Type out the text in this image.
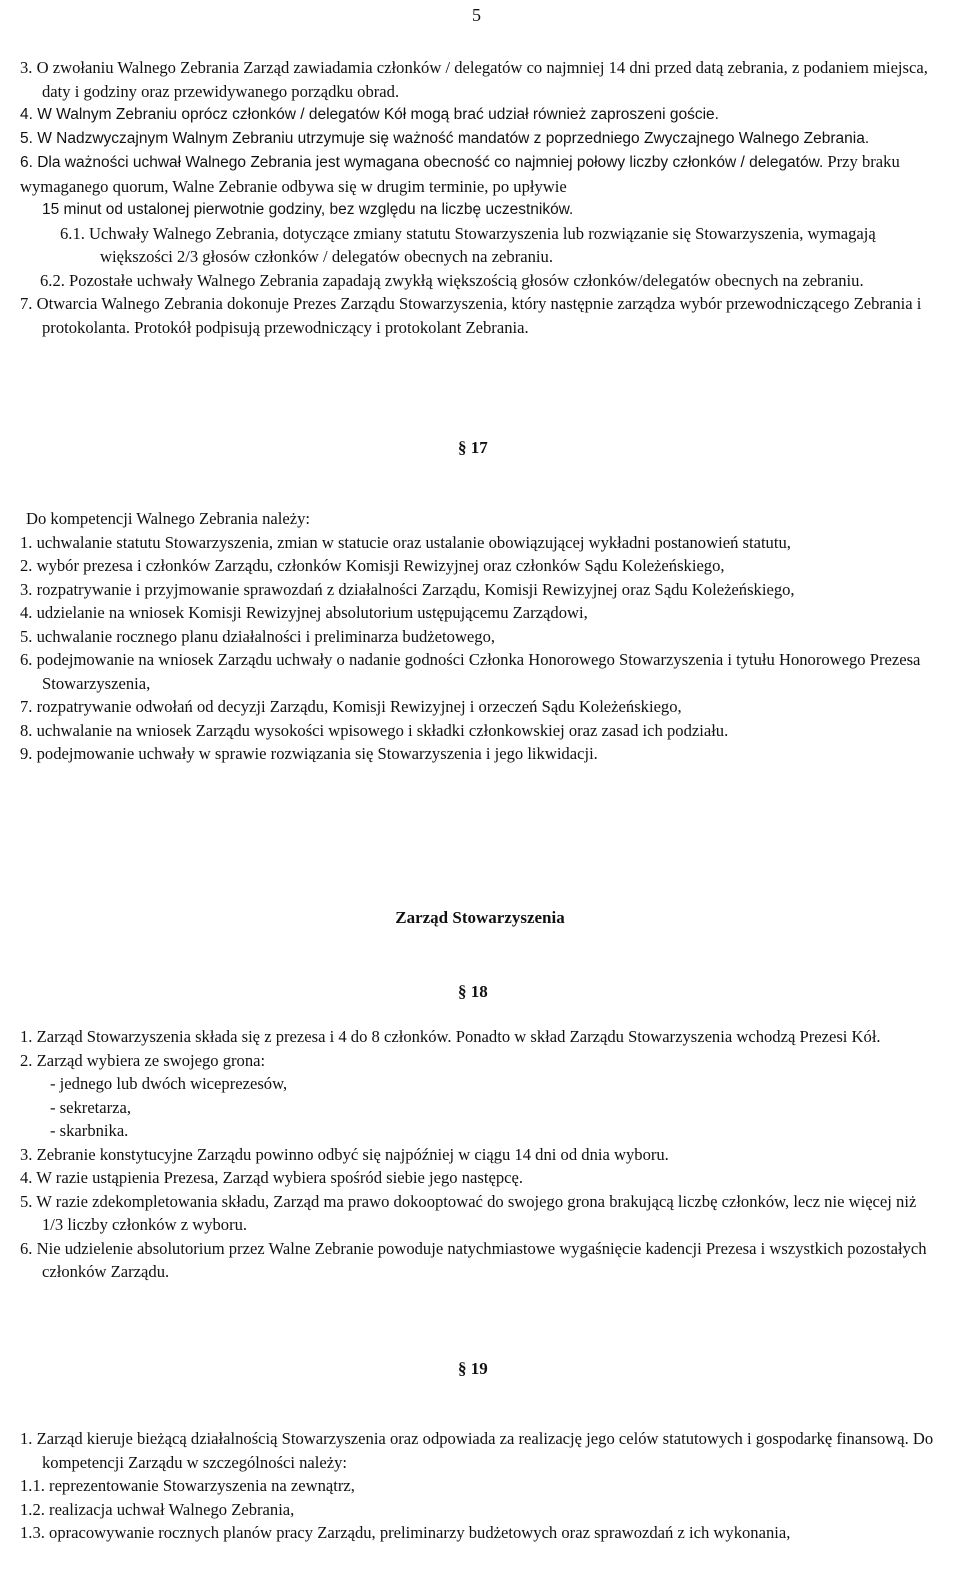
5

3. O zwołaniu Walnego Zebrania Zarząd zawiadamia członków / delegatów co najmniej 14 dni przed datą zebrania, z podaniem miejsca, daty i godziny oraz przewidywanego porządku obrad.

4. W Walnym Zebraniu oprócz członków / delegatów Kół mogą brać udział również zaproszeni goście.

5. W Nadzwyczajnym Walnym Zebraniu utrzymuje się ważność mandatów z poprzedniego Zwyczajnego Walnego Zebrania.

6. Dla ważności uchwał Walnego Zebrania jest wymagana obecność co najmniej połowy liczby członków / delegatów. Przy braku wymaganego quorum, Walne Zebranie odbywa się w drugim terminie, po upływie

15 minut od ustalonej pierwotnie godziny, bez względu na liczbę uczestników.

6.1. Uchwały Walnego Zebrania, dotyczące zmiany statutu Stowarzyszenia lub rozwiązanie się Stowarzyszenia, wymagają większości 2/3 głosów członków / delegatów obecnych na zebraniu.

6.2. Pozostałe uchwały Walnego Zebrania zapadają zwykłą większością głosów członków/delegatów obecnych na zebraniu.

7. Otwarcia Walnego Zebrania dokonuje Prezes Zarządu Stowarzyszenia, który następnie zarządza wybór przewodniczącego Zebrania i protokolanta. Protokół podpisują przewodniczący i protokolant Zebrania.

§ 17

Do kompetencji Walnego Zebrania należy:

1. uchwalanie statutu Stowarzyszenia, zmian w statucie oraz ustalanie obowiązującej wykładni postanowień statutu,

2. wybór prezesa i członków Zarządu, członków Komisji Rewizyjnej oraz członków Sądu Koleżeńskiego,

3. rozpatrywanie i przyjmowanie sprawozdań z działalności Zarządu, Komisji Rewizyjnej oraz Sądu Koleżeńskiego,

4. udzielanie na wniosek Komisji Rewizyjnej absolutorium ustępującemu Zarządowi,

5. uchwalanie rocznego planu działalności i preliminarza budżetowego,

6. podejmowanie na wniosek Zarządu uchwały o nadanie godności Członka Honorowego Stowarzyszenia i tytułu Honorowego Prezesa Stowarzyszenia,

7. rozpatrywanie odwołań od decyzji Zarządu, Komisji Rewizyjnej i orzeczeń Sądu Koleżeńskiego,

8. uchwalanie na wniosek Zarządu wysokości wpisowego i składki członkowskiej oraz zasad ich podziału.

9. podejmowanie uchwały w sprawie rozwiązania się Stowarzyszenia i jego likwidacji.

Zarząd Stowarzyszenia
§ 18

1. Zarząd Stowarzyszenia składa się z prezesa i 4 do 8 członków. Ponadto w skład Zarządu Stowarzyszenia wchodzą Prezesi Kół.

2. Zarząd wybiera ze swojego grona:

- jednego lub dwóch wiceprezesów,

- sekretarza,

- skarbnika.

3. Zebranie konstytucyjne Zarządu powinno odbyć się najpóźniej w ciągu 14 dni od dnia wyboru.

4. W razie ustąpienia Prezesa, Zarząd wybiera spośród siebie jego następcę.

5. W razie zdekompletowania składu, Zarząd ma prawo dokooptować do swojego grona brakującą liczbę członków, lecz nie więcej niż 1/3 liczby członków z wyboru.

6. Nie udzielenie absolutorium przez Walne Zebranie powoduje natychmiastowe wygaśnięcie kadencji Prezesa i wszystkich pozostałych członków Zarządu.

§ 19

1. Zarząd kieruje bieżącą działalnością Stowarzyszenia oraz odpowiada za realizację jego celów statutowych i gospodarkę finansową. Do kompetencji Zarządu w szczególności należy:

1.1. reprezentowanie Stowarzyszenia na zewnątrz,

1.2. realizacja uchwał Walnego Zebrania,

1.3. opracowywanie rocznych planów pracy Zarządu, preliminarzy budżetowych oraz sprawozdań z ich wykonania,
